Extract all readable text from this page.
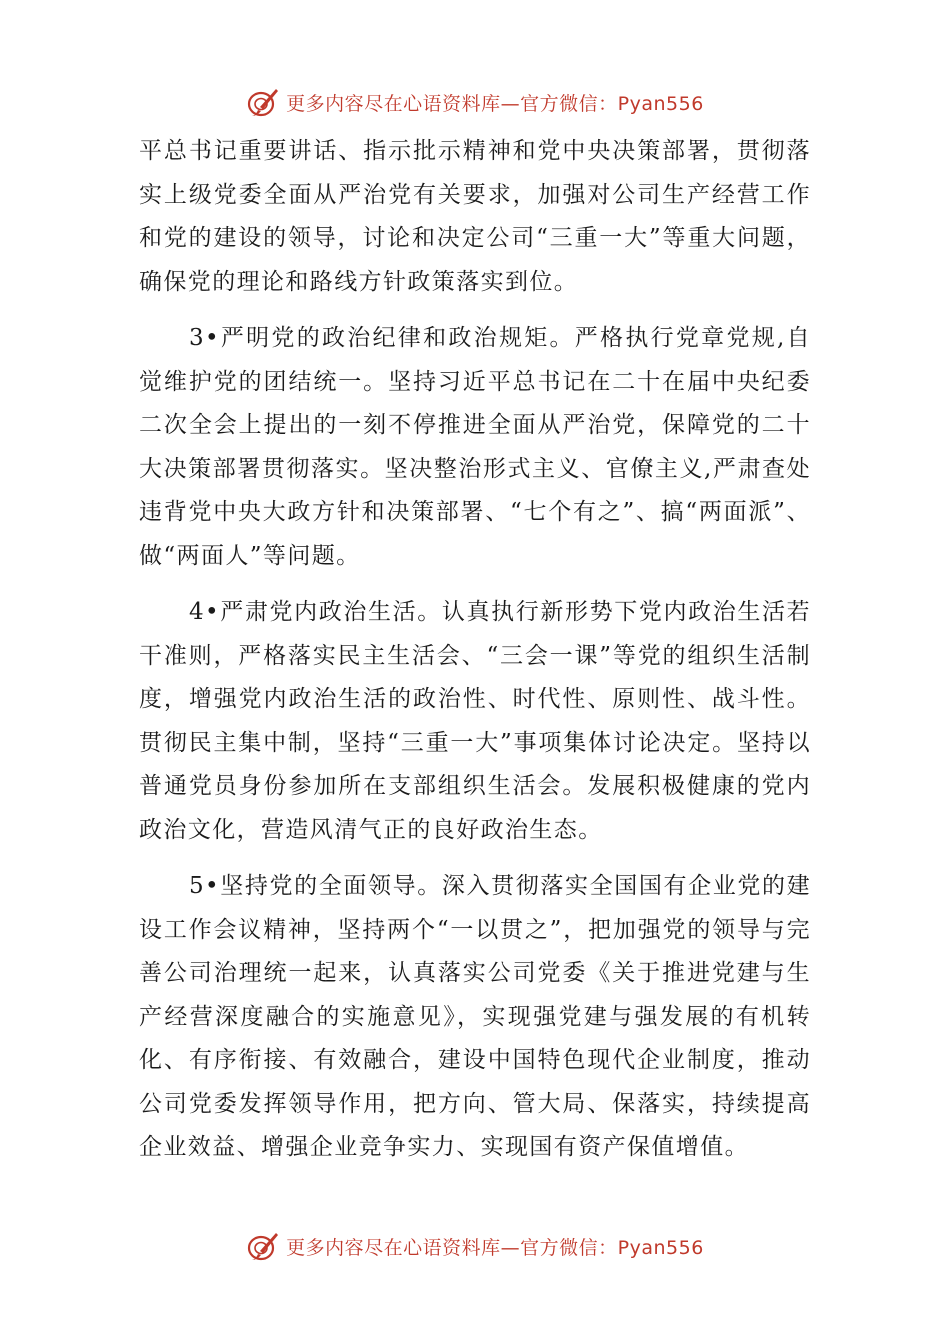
更多内容尽在心语资料库—官方微信：Pyan556

平总书记重要讲话、指示批示精神和党中央决策部署，贯彻落实上级党委全面从严治党有关要求，加强对公司生产经营工作和党的建设的领导，讨论和决定公司“三重一大”等重大问题，确保党的理论和路线方针政策落实到位。

3•严明党的政治纪律和政治规矩。严格执行党章党规,自觉维护党的团结统一。坚持习近平总书记在二十在届中央纪委二次全会上提出的一刻不停推进全面从严治党，保障党的二十大决策部署贯彻落实。坚决整治形式主义、官僚主义,严肃查处违背党中央大政方针和决策部署、“七个有之”、搞“两面派”、做“两面人”等问题。

4•严肃党内政治生活。认真执行新形势下党内政治生活若干准则，严格落实民主生活会、“三会一课”等党的组织生活制度，增强党内政治生活的政治性、时代性、原则性、战斗性。贯彻民主集中制，坚持“三重一大”事项集体讨论决定。坚持以普通党员身份参加所在支部组织生活会。发展积极健康的党内政治文化，营造风清气正的良好政治生态。

5•坚持党的全面领导。深入贯彻落实全国国有企业党的建设工作会议精神，坚持两个“一以贯之”，把加强党的领导与完善公司治理统一起来，认真落实公司党委《关于推进党建与生产经营深度融合的实施意见》，实现强党建与强发展的有机转化、有序衔接、有效融合，建设中国特色现代企业制度，推动公司党委发挥领导作用，把方向、管大局、保落实，持续提高企业效益、增强企业竞争实力、实现国有资产保值增值。

更多内容尽在心语资料库—官方微信：Pyan556
